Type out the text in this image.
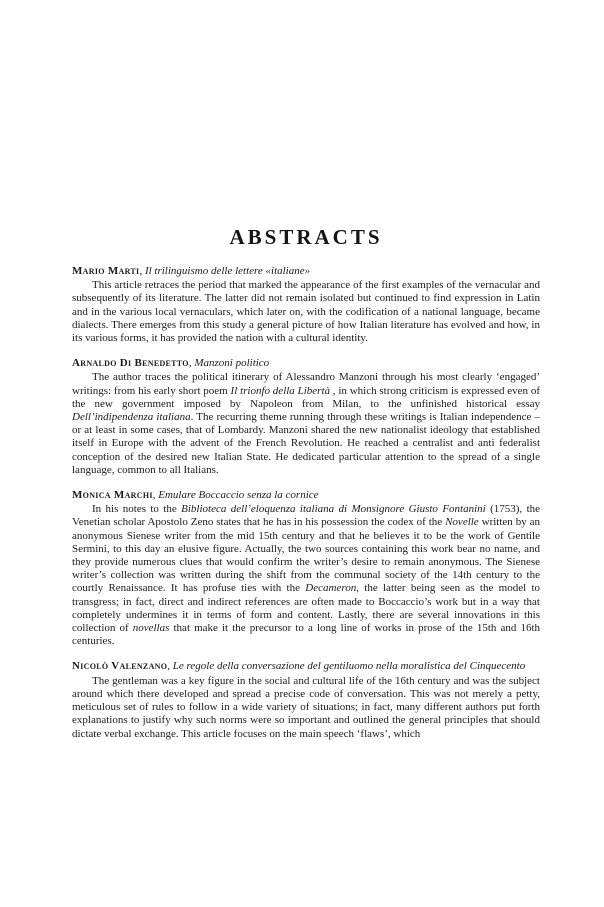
ABSTRACTS

Mario Marti, Il trilinguismo delle lettere «italiane»

This article retraces the period that marked the appearance of the first examples of the vernacular and subsequently of its literature. The latter did not remain isolated but continued to find expression in Latin and in the various local vernaculars, which later on, with the codification of a national language, became dialects. There emerges from this study a general picture of how Italian literature has evolved and how, in its various forms, it has provided the nation with a cultural identity.

Arnaldo Di Benedetto, Manzoni politico

The author traces the political itinerary of Alessandro Manzoni through his most clearly ‘engaged’ writings: from his early short poem Il trionfo della Libertà , in which strong criticism is expressed even of the new government imposed by Napoleon from Milan, to the unfinished historical essay Dell’indipendenza italiana. The recurring theme running through these writings is Italian independence – or at least in some cases, that of Lombardy. Manzoni shared the new nationalist ideology that established itself in Europe with the advent of the French Revolution. He reached a centralist and anti federalist conception of the desired new Italian State. He dedicated particular attention to the spread of a single language, common to all Italians.

Monica Marchi, Emulare Boccaccio senza la cornice

In his notes to the Biblioteca dell’eloquenza italiana di Monsignore Giusto Fontanini (1753), the Venetian scholar Apostolo Zeno states that he has in his possession the codex of the Novelle written by an anonymous Sienese writer from the mid 15th century and that he believes it to be the work of Gentile Sermini, to this day an elusive figure. Actually, the two sources containing this work bear no name, and they provide numerous clues that would confirm the writer’s desire to remain anonymous. The Sienese writer’s collection was written during the shift from the communal society of the 14th century to the courtly Renaissance. It has profuse ties with the Decameron, the latter being seen as the model to transgress; in fact, direct and indirect references are often made to Boccaccio’s work but in a way that completely undermines it in terms of form and content. Lastly, there are several innovations in this collection of novellas that make it the precursor to a long line of works in prose of the 15th and 16th centuries.

Nicolò Valenzano, Le regole della conversazione del gentiluomo nella moralistica del Cinquecento

The gentleman was a key figure in the social and cultural life of the 16th century and was the subject around which there developed and spread a precise code of conversation. This was not merely a petty, meticulous set of rules to follow in a wide variety of situations; in fact, many different authors put forth explanations to justify why such norms were so important and outlined the general principles that should dictate verbal exchange. This article focuses on the main speech ‘flaws’, which
